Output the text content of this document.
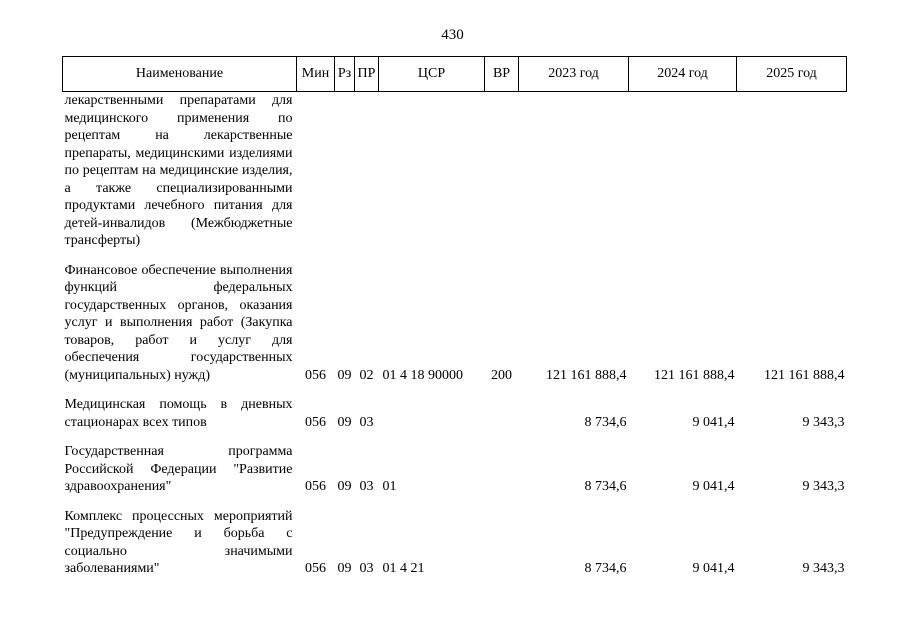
430
Наименование	Мин	Рз	ПР	ЦСР	ВР	2023 год	2024 год	2025 год
лекарственными препаратами для медицинского применения по рецептам на лекарственные препараты, медицинскими изделиями по рецептам на медицинские изделия, а также специализированными продуктами лечебного питания для детей-инвалидов (Межбюджетные трансферты)								

Финансовое обеспечение выполнения функций федеральных государственных органов, оказания услуг и выполнения работ (Закупка товаров, работ и услуг для обеспечения государственных (муниципальных) нужд)	056	09	02	01 4 18 90000	200	121 161 888,4	121 161 888,4	121 161 888,4

Медицинская помощь в дневных стационарах всех типов	056	09	03			8 734,6	9 041,4	9 343,3

Государственная программа Российской Федерации "Развитие здравоохранения"	056	09	03	01		8 734,6	9 041,4	9 343,3

Комплекс процессных мероприятий "Предупреждение и борьба с социально значимыми заболеваниями"	056	09	03	01 4 21		8 734,6	9 041,4	9 343,3
